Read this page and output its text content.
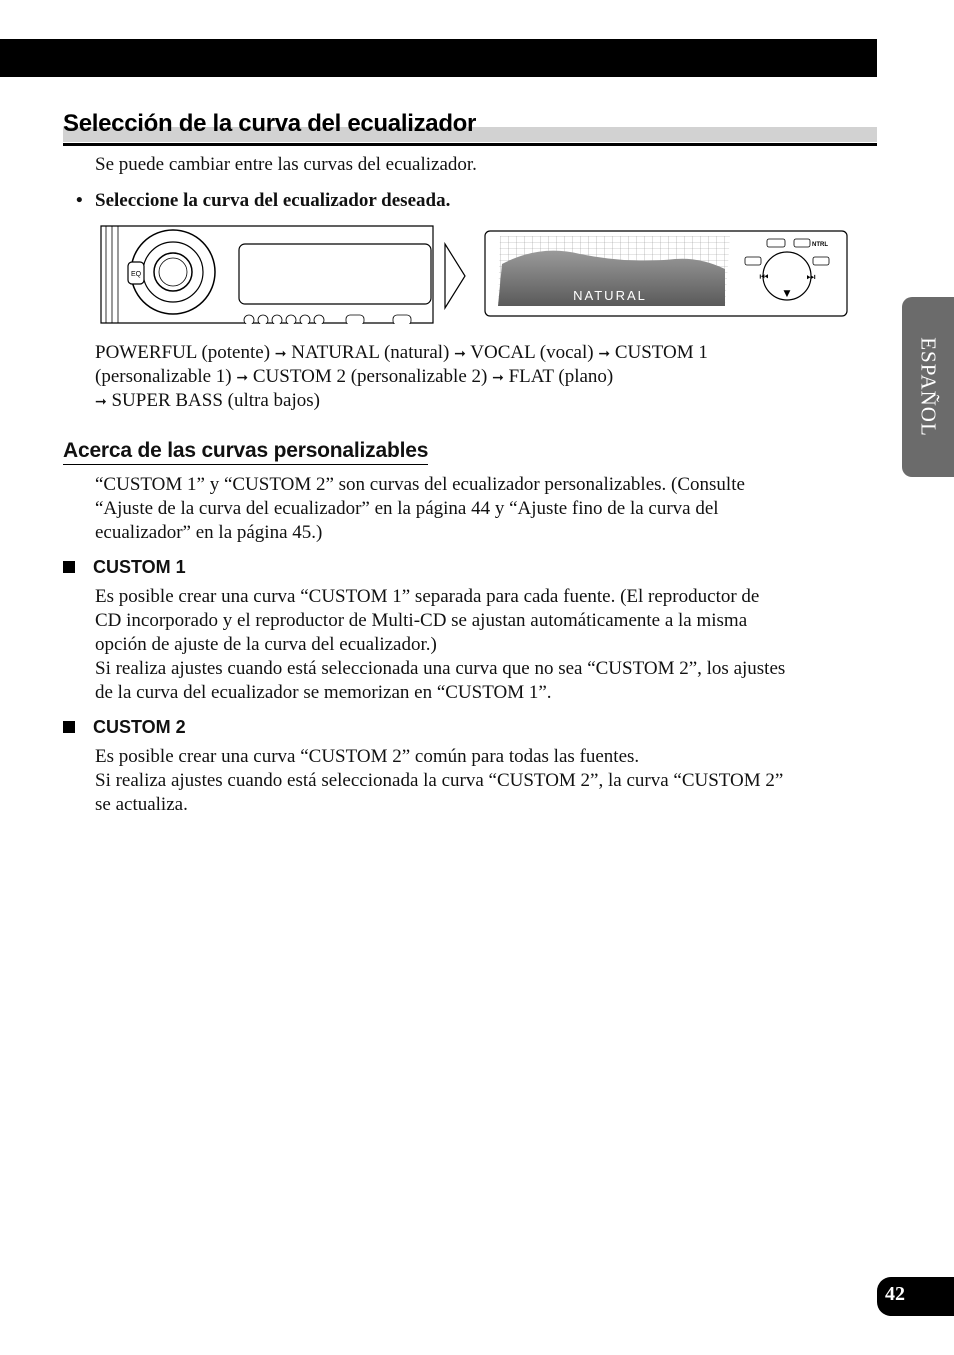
Selección de la curva del ecualizador
Se puede cambiar entre las curvas del ecualizador.
• Seleccione la curva del ecualizador deseada.
EQ
NATURAL
NTRL
⏮	⏭
▼
POWERFUL (potente) ➞ NATURAL (natural) ➞ VOCAL (vocal) ➞ CUSTOM 1
(personalizable 1) ➞ CUSTOM 2 (personalizable 2) ➞ FLAT (plano)
➞ SUPER BASS (ultra bajos)
Acerca de las curvas personalizables
“CUSTOM 1” y “CUSTOM 2” son curvas del ecualizador personalizables. (Consulte
“Ajuste de la curva del ecualizador” en la página 44 y “Ajuste fino de la curva del
ecualizador” en la página 45.)
CUSTOM 1
Es posible crear una curva “CUSTOM 1” separada para cada fuente. (El reproductor de
CD incorporado y el reproductor de Multi-CD se ajustan automáticamente a la misma
opción de ajuste de la curva del ecualizador.)
Si realiza ajustes cuando está seleccionada una curva que no sea “CUSTOM 2”, los ajustes
de la curva del ecualizador se memorizan en “CUSTOM 1”.
CUSTOM 2
Es posible crear una curva “CUSTOM 2” común para todas las fuentes.
Si realiza ajustes cuando está seleccionada la curva “CUSTOM 2”, la curva “CUSTOM 2”
se actualiza.
ESPAÑOL
42
